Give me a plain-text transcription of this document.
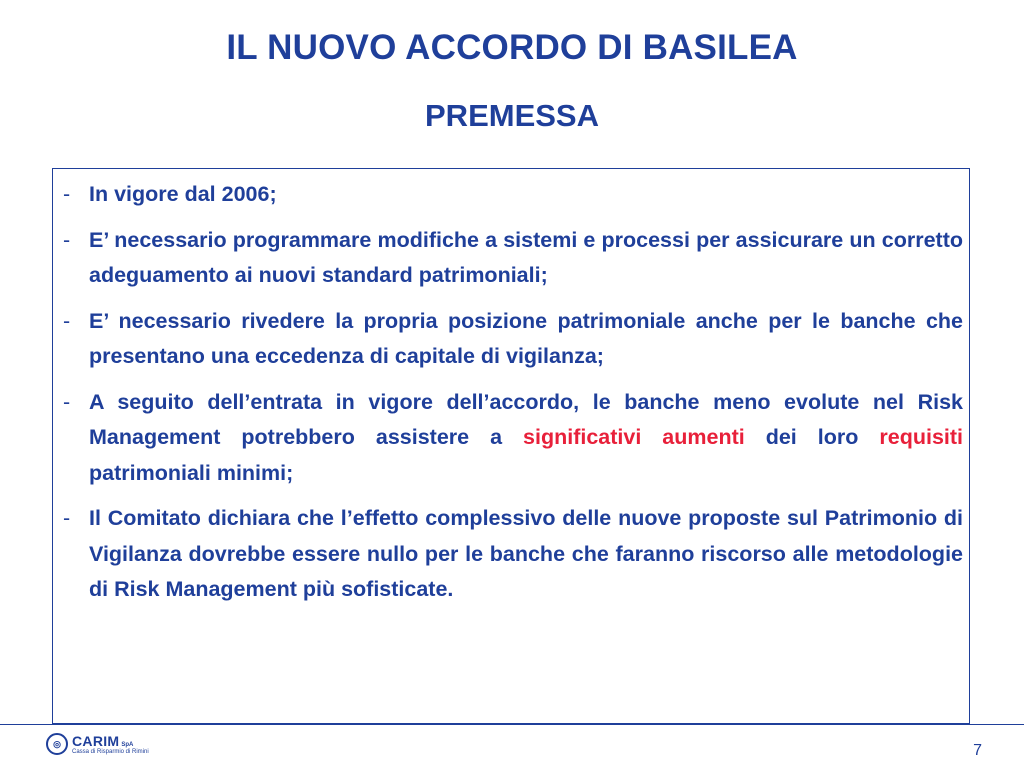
IL NUOVO ACCORDO DI BASILEA
PREMESSA
- In vigore dal 2006;
- E’ necessario programmare modifiche a sistemi e processi per assicurare un corretto adeguamento ai nuovi standard patrimoniali;
- E’ necessario rivedere la propria posizione patrimoniale anche per le banche che presentano una eccedenza di capitale di vigilanza;
- A seguito dell’entrata in vigore dell’accordo, le banche meno evolute nel Risk Management potrebbero assistere a significativi aumenti dei loro requisiti patrimoniali minimi;
- Il Comitato dichiara che l’effetto complessivo delle nuove proposte sul Patrimonio di Vigilanza dovrebbe essere nullo per le banche che faranno riscorso alle metodologie di Risk Management più sofisticate.
◎ CARIM SpA
Cassa di Risparmio di Rimini	7
